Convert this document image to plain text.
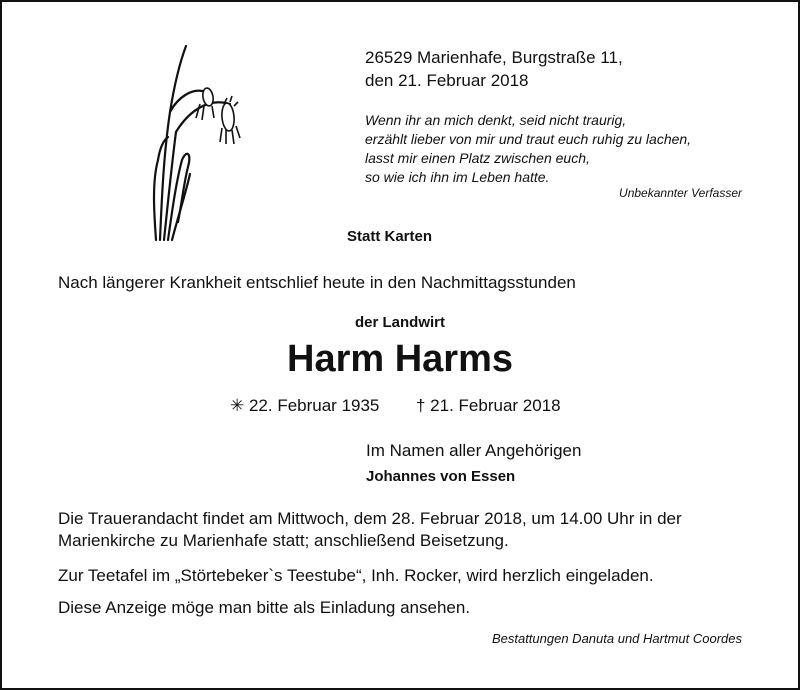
26529 Marienhafe, Burgstraße 11,
den 21. Februar 2018
Wenn ihr an mich denkt, seid nicht traurig,
erzählt lieber von mir und traut euch ruhig zu lachen,
lasst mir einen Platz zwischen euch,
so wie ich ihn im Leben hatte.
Unbekannter Verfasser
Statt Karten
Nach längerer Krankheit entschlief heute in den Nachmittagsstunden
der Landwirt
Harm Harms
✳ 22. Februar 1935 † 21. Februar 2018
Im Namen aller Angehörigen
Johannes von Essen
Die Trauerandacht findet am Mittwoch, dem 28. Februar 2018, um 14.00 Uhr in der
Marienkirche zu Marienhafe statt; anschließend Beisetzung.
Zur Teetafel im „Störtebeker`s Teestube“, Inh. Rocker, wird herzlich eingeladen.
Diese Anzeige möge man bitte als Einladung ansehen.
Bestattungen Danuta und Hartmut Coordes
